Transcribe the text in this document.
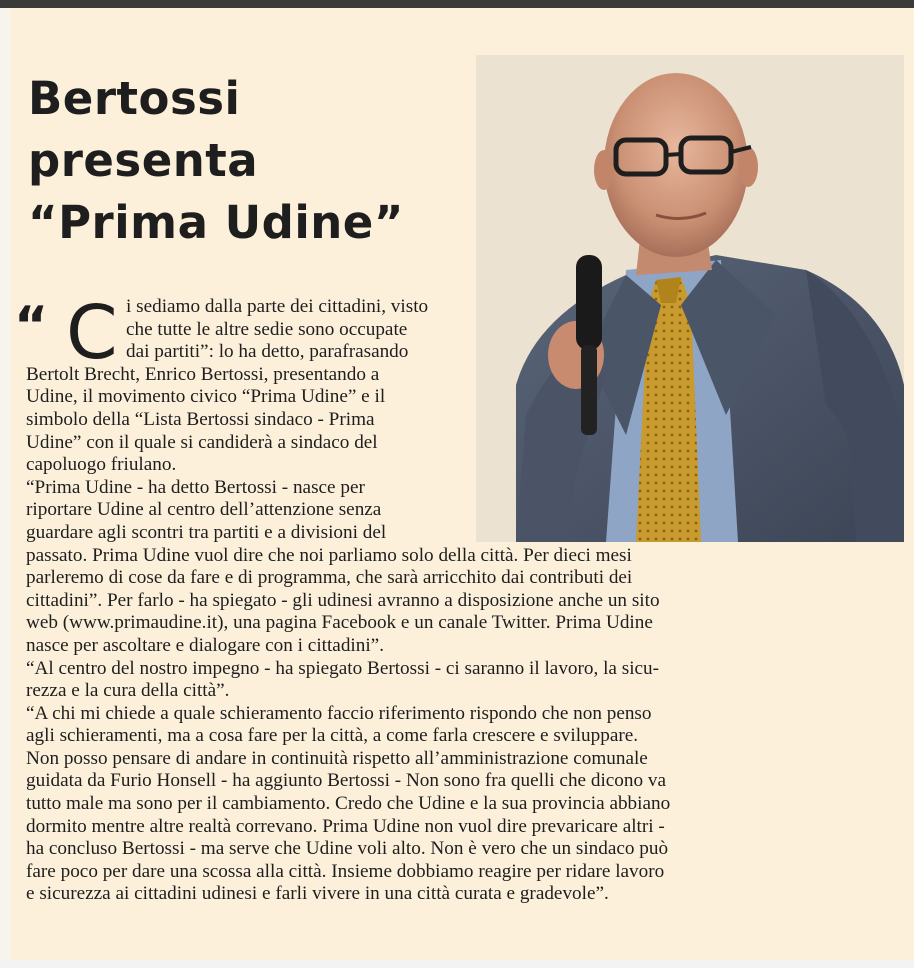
Bertossi
presenta
“Prima Udine”
“ C i sediamo dalla parte dei cittadini, visto
che tutte le altre sedie sono occupate
dai partiti”: lo ha detto, parafrasando
Bertolt Brecht, Enrico Bertossi, presentando a
Udine, il movimento civico “Prima Udine” e il
simbolo della “Lista Bertossi sindaco - Prima
Udine” con il quale si candiderà a sindaco del
capoluogo friulano.
“Prima Udine - ha detto Bertossi - nasce per
riportare Udine al centro dell’attenzione senza
guardare agli scontri tra partiti e a divisioni del
passato. Prima Udine vuol dire che noi parliamo solo della città. Per dieci mesi
parleremo di cose da fare e di programma, che sarà arricchito dai contributi dei
cittadini”. Per farlo - ha spiegato - gli udinesi avranno a disposizione anche un sito
web (www.primaudine.it), una pagina Facebook e un canale Twitter. Prima Udine
nasce per ascoltare e dialogare con i cittadini”.
“Al centro del nostro impegno - ha spiegato Bertossi - ci saranno il lavoro, la sicu-
rezza e la cura della città”.
“A chi mi chiede a quale schieramento faccio riferimento rispondo che non penso
agli schieramenti, ma a cosa fare per la città, a come farla crescere e sviluppare.
Non posso pensare di andare in continuità rispetto all’amministrazione comunale
guidata da Furio Honsell - ha aggiunto Bertossi - Non sono fra quelli che dicono va
tutto male ma sono per il cambiamento. Credo che Udine e la sua provincia abbiano
dormito mentre altre realtà correvano. Prima Udine non vuol dire prevaricare altri -
ha concluso Bertossi - ma serve che Udine voli alto. Non è vero che un sindaco può
fare poco per dare una scossa alla città. Insieme dobbiamo reagire per ridare lavoro
e sicurezza ai cittadini udinesi e farli vivere in una città curata e gradevole”.
